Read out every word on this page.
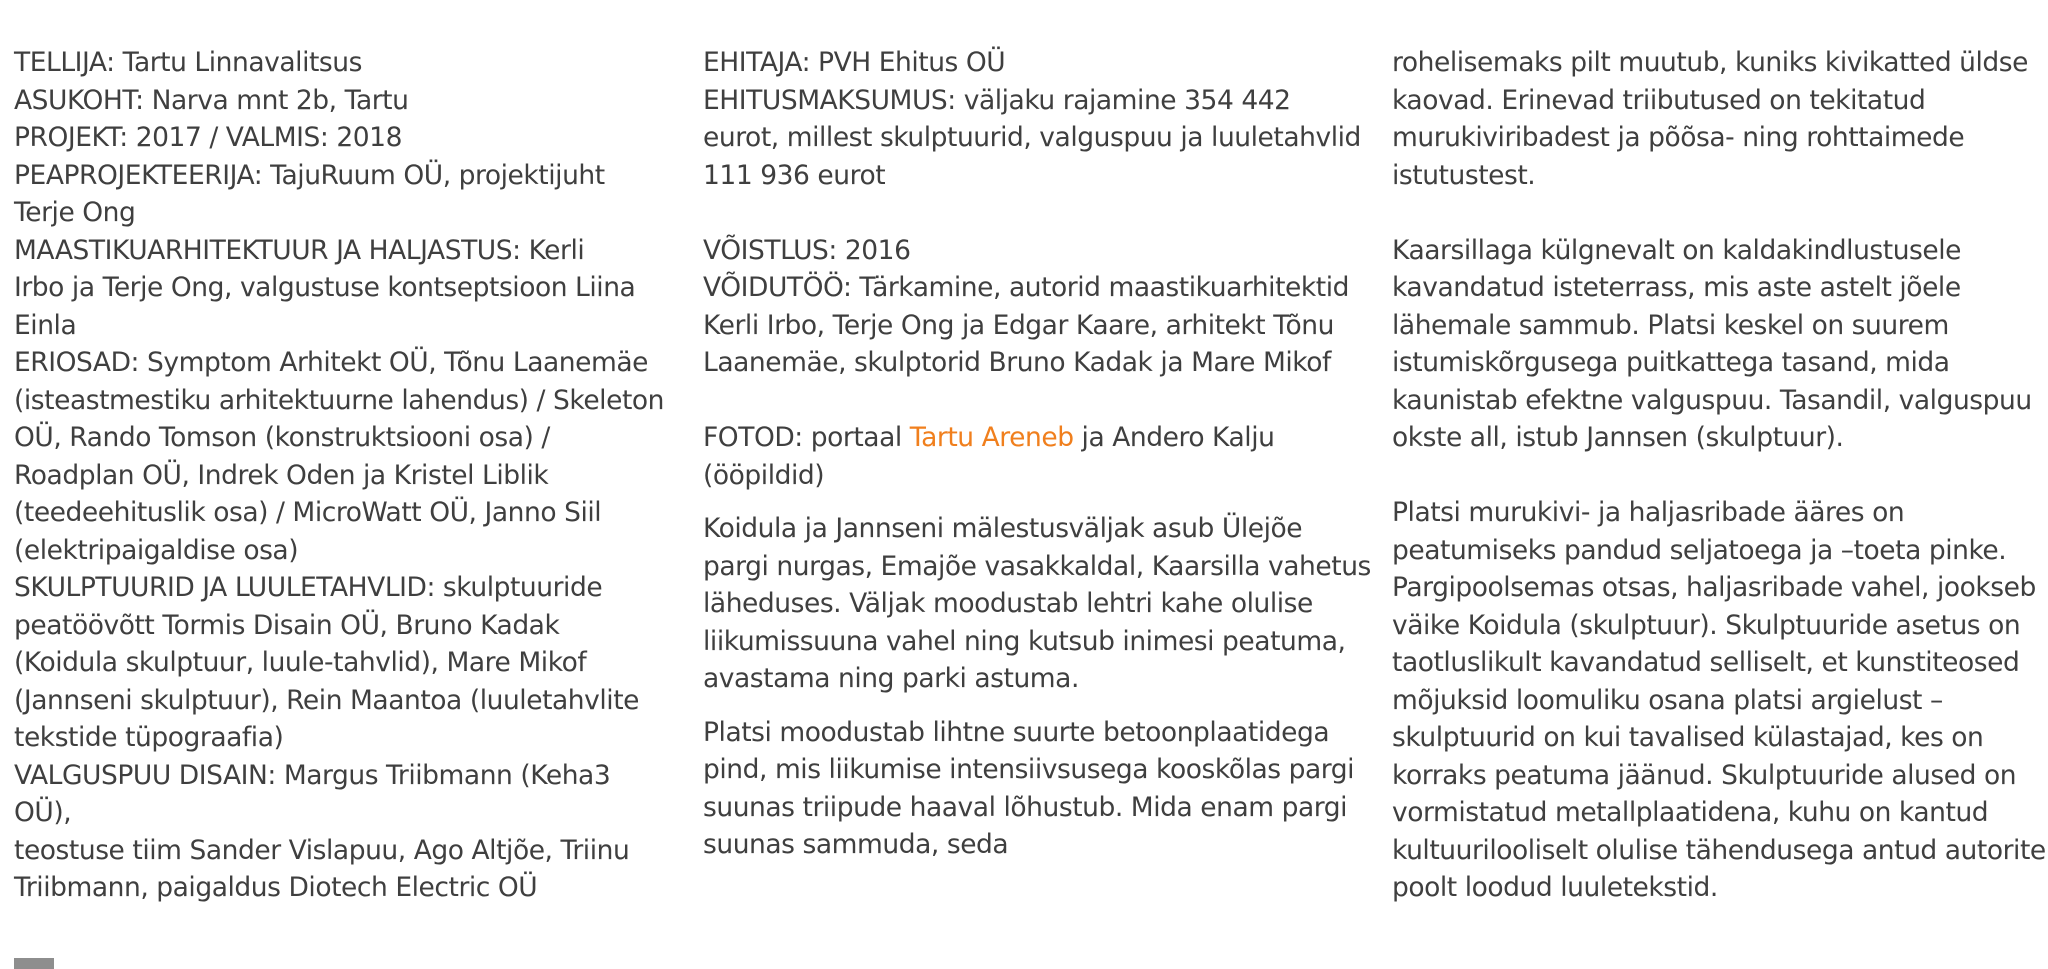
TELLIJA: Tartu Linnavalitsus
ASUKOHT: Narva mnt 2b, Tartu
PROJEKT: 2017 / VALMIS: 2018
PEAPROJEKTEERIJA: TajuRuum OÜ, projektijuht
Terje Ong
MAASTIKUARHITEKTUUR JA HALJASTUS: Kerli
Irbo ja Terje Ong, valgustuse kontseptsioon Liina
Einla
ERIOSAD: Symptom Arhitekt OÜ, Tõnu Laanemäe
(isteastmestiku arhitektuurne lahendus) / Skeleton
OÜ, Rando Tomson (konstruktsiooni osa) /
Roadplan OÜ, Indrek Oden ja Kristel Liblik
(teedeehituslik osa) / MicroWatt OÜ, Janno Siil
(elektripaigaldise osa)
SKULPTUURID JA LUULETAHVLID: skulptuuride
peatöövõtt Tormis Disain OÜ, Bruno Kadak
(Koidula skulptuur, luule-tahvlid), Mare Mikof
(Jannseni skulptuur), Rein Maantoa (luuletahvlite
tekstide tüpograafia)
VALGUSPUU DISAIN: Margus Triibmann (Keha3
OÜ),
teostuse tiim Sander Vislapuu, Ago Altjõe, Triinu
Triibmann, paigaldus Diotech Electric OÜ
EHITAJA: PVH Ehitus OÜ
EHITUSMAKSUMUS: väljaku rajamine 354 442
eurot, millest skulptuurid, valguspuu ja luuletahvlid
111 936 eurot
VÕISTLUS: 2016
VÕIDUTÖÖ: Tärkamine, autorid maastikuarhitektid
Kerli Irbo, Terje Ong ja Edgar Kaare, arhitekt Tõnu
Laanemäe, skulptorid Bruno Kadak ja Mare Mikof
FOTOD: portaal Tartu Areneb ja Andero Kalju
(ööpildid)
Koidula ja Jannseni mälestusväljak asub Ülejõe
pargi nurgas, Emajõe vasakkaldal, Kaarsilla vahetus
läheduses. Väljak moodustab lehtri kahe olulise
liikumissuuna vahel ning kutsub inimesi peatuma,
avastama ning parki astuma.
Platsi moodustab lihtne suurte betoonplaatidega
pind, mis liikumise intensiivsusega kooskõlas pargi
suunas triipude haaval lõhustub. Mida enam pargi
suunas sammuda, seda
rohelisemaks pilt muutub, kuniks kivikatted üldse
kaovad. Erinevad triibutused on tekitatud
murukiviribadest ja põõsa- ning rohttaimede
istutustest.
Kaarsillaga külgnevalt on kaldakindlustusele
kavandatud isteterrass, mis aste astelt jõele
lähemale sammub. Platsi keskel on suurem
istumiskõrgusega puitkattega tasand, mida
kaunistab efektne valguspuu. Tasandil, valguspuu
okste all, istub Jannsen (skulptuur).
Platsi murukivi- ja haljasribade ääres on
peatumiseks pandud seljatoega ja –toeta pinke.
Pargipoolsemas otsas, haljasribade vahel, jookseb
väike Koidula (skulptuur). Skulptuuride asetus on
taotluslikult kavandatud selliselt, et kunstiteosed
mõjuksid loomuliku osana platsi argielust –
skulptuurid on kui tavalised külastajad, kes on
korraks peatuma jäänud. Skulptuuride alused on
vormistatud metallplaatidena, kuhu on kantud
kultuurilooliselt olulise tähendusega antud autorite
poolt loodud luuletekstid.
